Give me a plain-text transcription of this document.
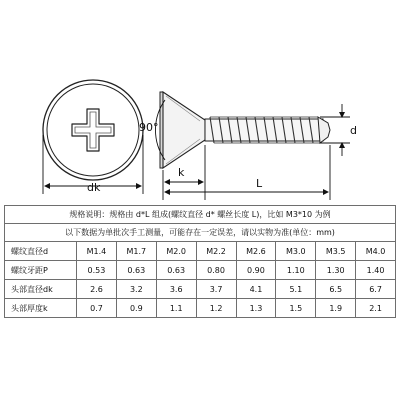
dk
90°
k
L
d
规格说明：规格由 d*L 组成(螺纹直径 d* 螺丝长度 L)，比如 M3*10 为例								
以下数据为单批次手工测量，可能存在一定误差，请以实物为准(单位：mm)								
螺纹直径d	M1.4	M1.7	M2.0	M2.2	M2.6	M3.0	M3.5	M4.0
螺纹牙距P	0.53	0.63	0.63	0.80	0.90	1.10	1.30	1.40
头部直径dk	2.6	3.2	3.6	3.7	4.1	5.1	6.5	6.7
头部厚度k	0.7	0.9	1.1	1.2	1.3	1.5	1.9	2.1
